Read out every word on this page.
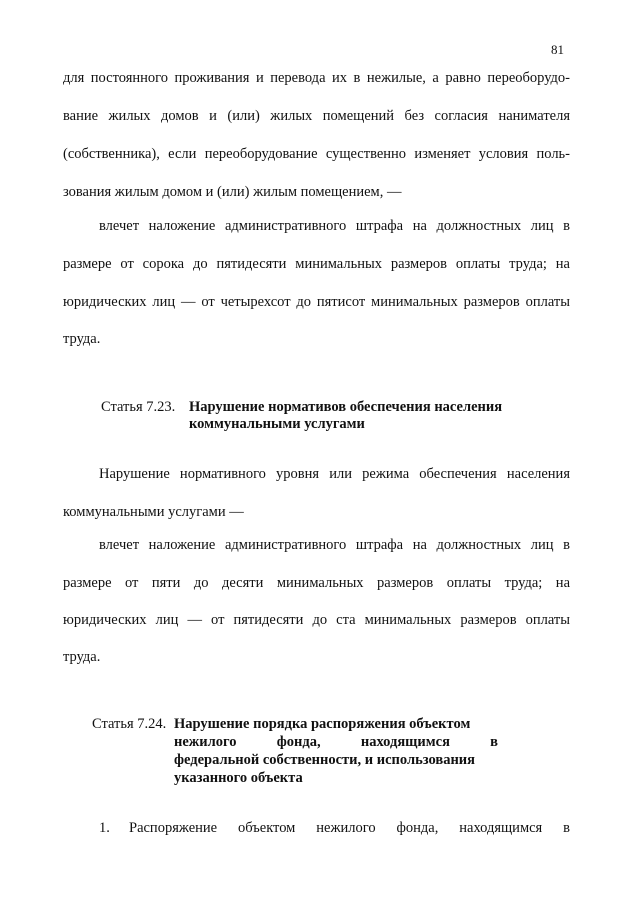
81
для постоянного проживания и перевода их в нежилые, а равно переоборудо-
вание жилых домов и (или) жилых помещений без согласия нанимателя
(собственника), если переоборудование существенно изменяет условия поль-
зования жилым домом и (или) жилым помещением, —
влечет наложение административного штрафа на должностных лиц в
размере от сорока до пятидесяти минимальных размеров оплаты труда; на
юридических лиц — от четырехсот до пятисот минимальных размеров оплаты
труда.
Статья 7.23. Нарушение нормативов обеспечения населения
коммунальными услугами
Нарушение нормативного уровня или режима обеспечения населения
коммунальными услугами —
влечет наложение административного штрафа на должностных лиц в
размере от пяти до десяти минимальных размеров оплаты труда; на
юридических лиц — от пятидесяти до ста минимальных размеров оплаты
труда.
Статья 7.24. Нарушение порядка распоряжения объектом
нежилого фонда, находящимся в
федеральной собственности, и использования
указанного объекта
1. Распоряжение объектом нежилого фонда, находящимся в
